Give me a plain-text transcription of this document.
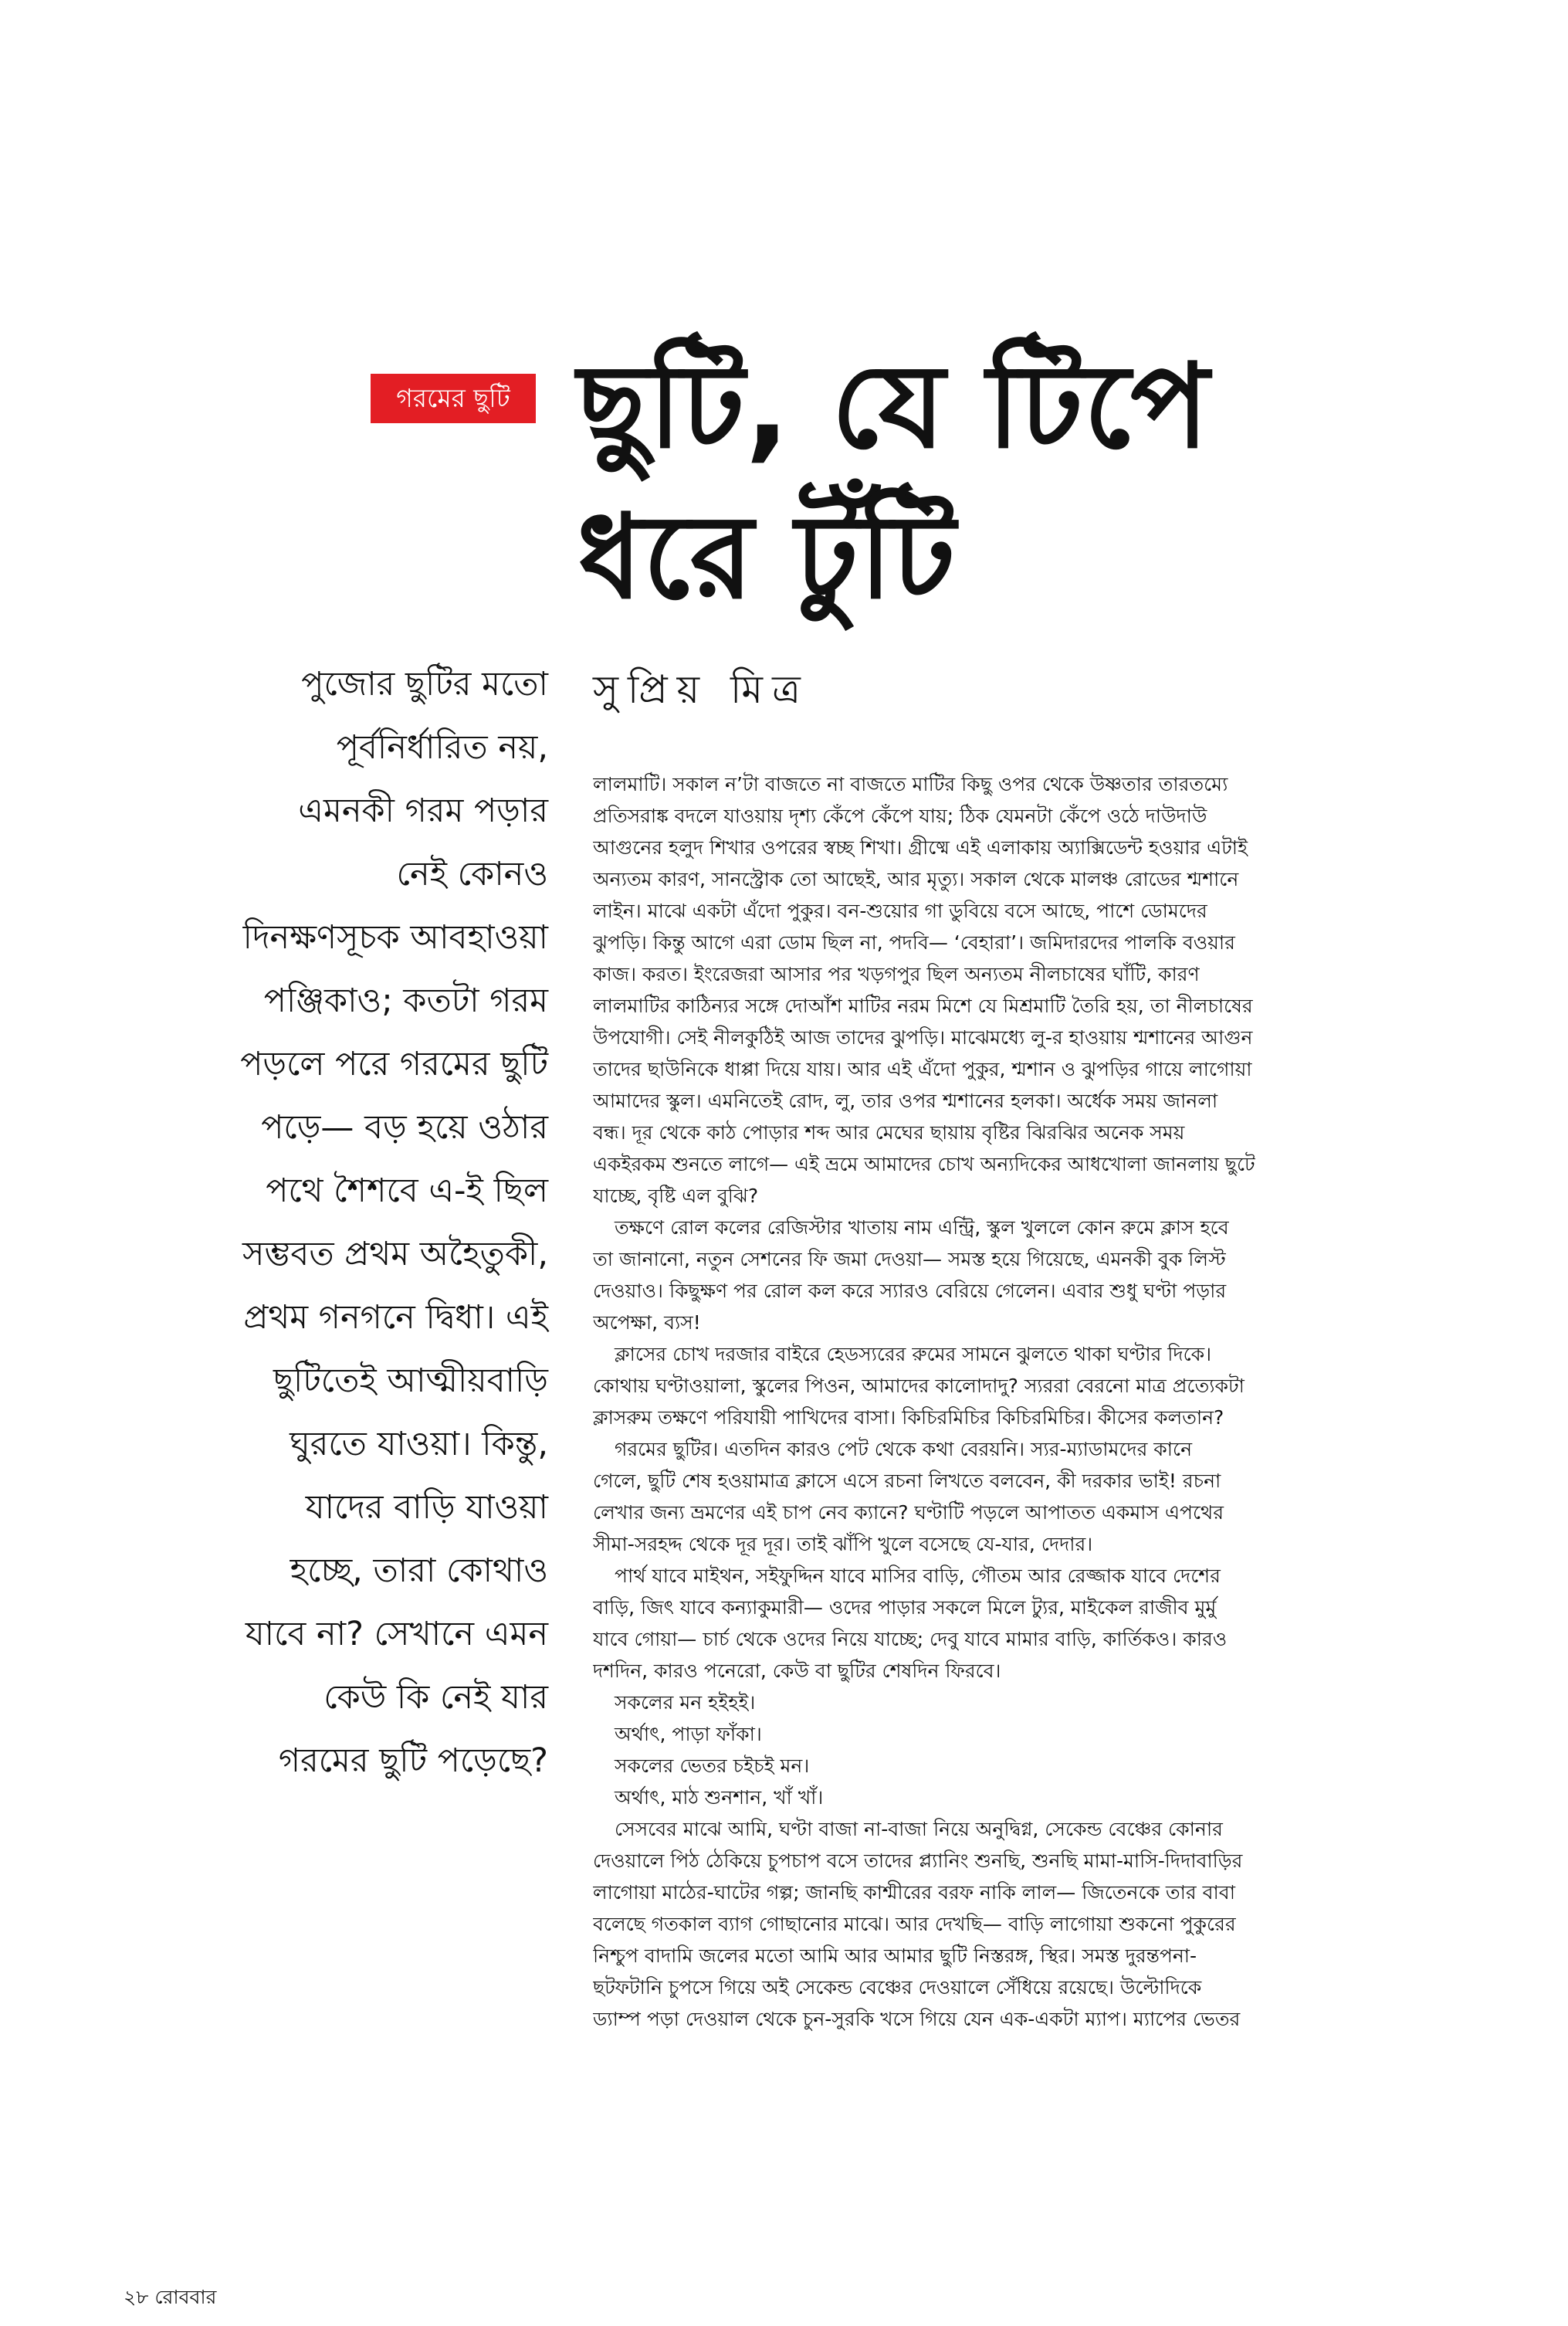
গরমের ছুটি ছুটি, যে টিপে
ধরে টুঁটি
সুপ্রিয় মিত্র
পুজোর ছুটির মতো
পূর্বনির্ধারিত নয়,
এমনকী গরম পড়ার
নেই কোনও
দিনক্ষণসূচক আবহাওয়া
পঞ্জিকাও; কতটা গরম
পড়লে পরে গরমের ছুটি
পড়ে— বড় হয়ে ওঠার
পথে শৈশবে এ-ই ছিল
সম্ভবত প্রথম অহৈতুকী,
প্রথম গনগনে দ্বিধা। এই
ছুটিতেই আত্মীয়বাড়ি
ঘুরতে যাওয়া। কিন্তু,
যাদের বাড়ি যাওয়া
হচ্ছে, তারা কোথাও
যাবে না? সেখানে এমন
কেউ কি নেই যার
গরমের ছুটি পড়েছে?
লালমাটি। সকাল ন’টা বাজতে না বাজতে মাটির কিছু ওপর থেকে উষ্ণতার তারতম্যে
প্রতিসরাঙ্ক বদলে যাওয়ায় দৃশ্য কেঁপে কেঁপে যায়; ঠিক যেমনটা কেঁপে ওঠে দাউদাউ
আগুনের হলুদ শিখার ওপরের স্বচ্ছ শিখা। গ্রীষ্মে এই এলাকায় অ্যাক্সিডেন্ট হওয়ার এটাই
অন্যতম কারণ, সানস্ট্রোক তো আছেই, আর মৃত্যু। সকাল থেকে মালঞ্চ রোডের শ্মশানে
লাইন। মাঝে একটা এঁদো পুকুর। বন-শুয়োর গা ডুবিয়ে বসে আছে, পাশে ডোমদের
ঝুপড়ি। কিন্তু আগে এরা ডোম ছিল না, পদবি— ‘বেহারা’। জমিদারদের পালকি বওয়ার
কাজ। করত। ইংরেজরা আসার পর খড়গপুর ছিল অন্যতম নীলচাষের ঘাঁটি, কারণ
লালমাটির কাঠিন্যর সঙ্গে দোআঁশ মাটির নরম মিশে যে মিশ্রমাটি তৈরি হয়, তা নীলচাষের
উপযোগী। সেই নীলকুঠিই আজ তাদের ঝুপড়ি। মাঝেমধ্যে লু-র হাওয়ায় শ্মশানের আগুন
তাদের ছাউনিকে ধাপ্পা দিয়ে যায়। আর এই এঁদো পুকুর, শ্মশান ও ঝুপড়ির গায়ে লাগোয়া
আমাদের স্কুল। এমনিতেই রোদ, লু, তার ওপর শ্মশানের হলকা। অর্ধেক সময় জানলা
বন্ধ। দূর থেকে কাঠ পোড়ার শব্দ আর মেঘের ছায়ায় বৃষ্টির ঝিরঝির অনেক সময়
একইরকম শুনতে লাগে— এই ভ্রমে আমাদের চোখ অন্যদিকের আধখোলা জানলায় ছুটে
যাচ্ছে, বৃষ্টি এল বুঝি?
তক্ষণে রোল কলের রেজিস্টার খাতায় নাম এন্ট্রি, স্কুল খুললে কোন রুমে ক্লাস হবে
তা জানানো, নতুন সেশনের ফি জমা দেওয়া— সমস্ত হয়ে গিয়েছে, এমনকী বুক লিস্ট
দেওয়াও। কিছুক্ষণ পর রোল কল করে স্যারও বেরিয়ে গেলেন। এবার শুধু ঘণ্টা পড়ার
অপেক্ষা, ব্যস!
ক্লাসের চোখ দরজার বাইরে হেডস্যরের রুমের সামনে ঝুলতে থাকা ঘণ্টার দিকে।
কোথায় ঘণ্টাওয়ালা, স্কুলের পিওন, আমাদের কালোদাদু? স্যররা বেরনো মাত্র প্রত্যেকটা
ক্লাসরুম তক্ষণে পরিযায়ী পাখিদের বাসা। কিচিরমিচির কিচিরমিচির। কীসের কলতান?
গরমের ছুটির। এতদিন কারও পেট থেকে কথা বেরয়নি। স্যর-ম্যাডামদের কানে
গেলে, ছুটি শেষ হওয়ামাত্র ক্লাসে এসে রচনা লিখতে বলবেন, কী দরকার ভাই! রচনা
লেখার জন্য ভ্রমণের এই চাপ নেব ক্যানে? ঘণ্টাটি পড়লে আপাতত একমাস এপথের
সীমা-সরহদ্দ থেকে দূর দূর। তাই ঝাঁপি খুলে বসেছে যে-যার, দেদার।
পার্থ যাবে মাইথন, সইফুদ্দিন যাবে মাসির বাড়ি, গৌতম আর রেজ্জাক যাবে দেশের
বাড়ি, জিৎ যাবে কন্যাকুমারী— ওদের পাড়ার সকলে মিলে ট্যুর, মাইকেল রাজীব মুর্মু
যাবে গোয়া— চার্চ থেকে ওদের নিয়ে যাচ্ছে; দেবু যাবে মামার বাড়ি, কার্তিকও। কারও
দশদিন, কারও পনেরো, কেউ বা ছুটির শেষদিন ফিরবে।
সকলের মন হইহই।
অর্থাৎ, পাড়া ফাঁকা।
সকলের ভেতর চইচই মন।
অর্থাৎ, মাঠ শুনশান, খাঁ খাঁ।
সেসবের মাঝে আমি, ঘণ্টা বাজা না-বাজা নিয়ে অনুদ্বিগ্ন, সেকেন্ড বেঞ্চের কোনার
দেওয়ালে পিঠ ঠেকিয়ে চুপচাপ বসে তাদের প্ল্যানিং শুনছি, শুনছি মামা-মাসি-দিদাবাড়ির
লাগোয়া মাঠের-ঘাটের গল্প; জানছি কাশ্মীরের বরফ নাকি লাল— জিতেনকে তার বাবা
বলেছে গতকাল ব্যাগ গোছানোর মাঝে। আর দেখছি— বাড়ি লাগোয়া শুকনো পুকুরের
নিশ্চুপ বাদামি জলের মতো আমি আর আমার ছুটি নিস্তরঙ্গ, স্থির। সমস্ত দুরন্তপনা-
ছটফটানি চুপসে গিয়ে অই সেকেন্ড বেঞ্চের দেওয়ালে সেঁধিয়ে রয়েছে। উল্টোদিকে
ড্যাম্প পড়া দেওয়াল থেকে চুন-সুরকি খসে গিয়ে যেন এক-একটা ম্যাপ। ম্যাপের ভেতর
২৮ রোববার
